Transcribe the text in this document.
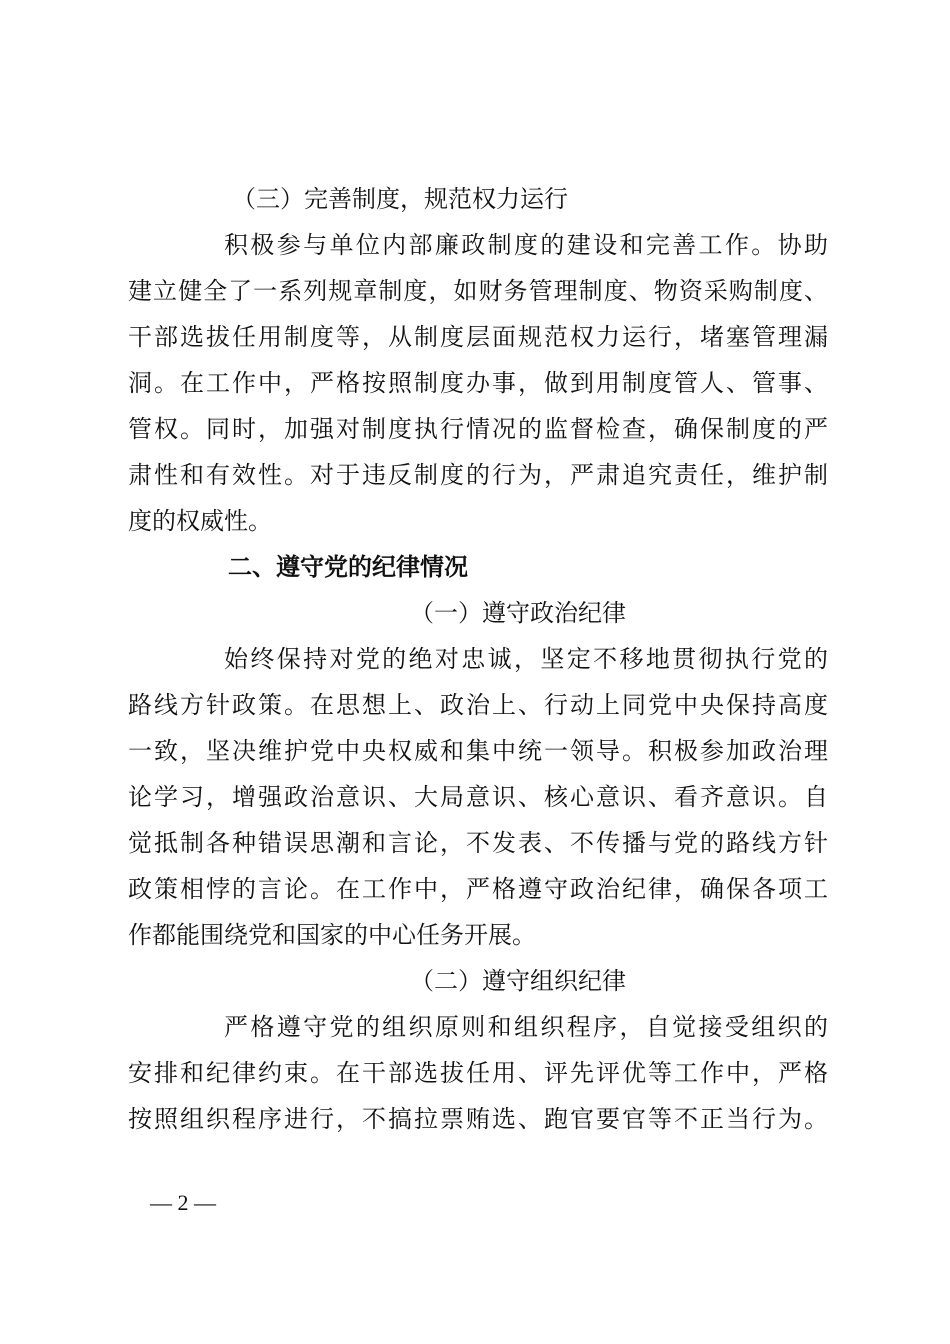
（三）完善制度，规范权力运行
积极参与单位内部廉政制度的建设和完善工作。协助
建立健全了一系列规章制度，如财务管理制度、物资采购制度、
干部选拔任用制度等，从制度层面规范权力运行，堵塞管理漏
洞。在工作中，严格按照制度办事，做到用制度管人、管事、
管权。同时，加强对制度执行情况的监督检查，确保制度的严
肃性和有效性。对于违反制度的行为，严肃追究责任，维护制
度的权威性。
二、遵守党的纪律情况
（一）遵守政治纪律
始终保持对党的绝对忠诚，坚定不移地贯彻执行党的
路线方针政策。在思想上、政治上、行动上同党中央保持高度
一致，坚决维护党中央权威和集中统一领导。积极参加政治理
论学习，增强政治意识、大局意识、核心意识、看齐意识。自
觉抵制各种错误思潮和言论，不发表、不传播与党的路线方针
政策相悖的言论。在工作中，严格遵守政治纪律，确保各项工
作都能围绕党和国家的中心任务开展。
（二）遵守组织纪律
严格遵守党的组织原则和组织程序，自觉接受组织的
安排和纪律约束。在干部选拔任用、评先评优等工作中，严格
按照组织程序进行，不搞拉票贿选、跑官要官等不正当行为。
— 2 —
